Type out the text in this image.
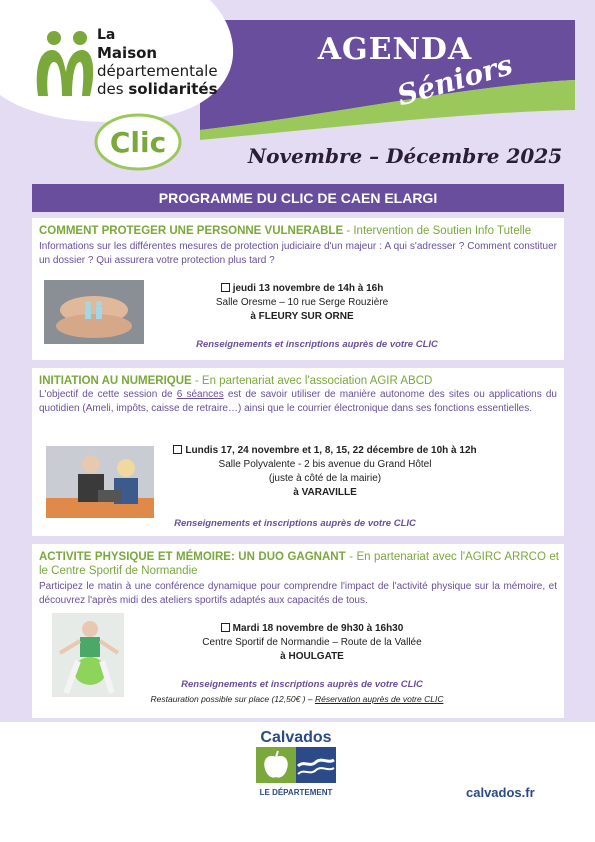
La
Maison
départementale
des solidarités
Clic
AGENDA
Séniors
Novembre – Décembre 2025
PROGRAMME DU CLIC DE CAEN ELARGI
COMMENT PROTEGER UNE PERSONNE VULNERABLE - Intervention de Soutien Info Tutelle
Informations sur les différentes mesures de protection judiciaire d'un majeur : A qui s'adresser ? Comment constituer un dossier ? Qui assurera votre protection plus tard ?
jeudi 13 novembre de 14h à 16h
Salle Oresme – 10 rue Serge Rouzière
à FLEURY SUR ORNE
Renseignements et inscriptions auprès de votre CLIC
INITIATION AU NUMERIQUE - En partenariat avec l'association AGIR ABCD
L'objectif de cette session de 6 séances est de savoir utiliser de manière autonome des sites ou applications du quotidien (Ameli, impôts, caisse de retraire…) ainsi que le courrier électronique dans ses fonctions essentielles.
Lundis 17, 24 novembre et 1, 8, 15, 22 décembre de 10h à 12h
Salle Polyvalente - 2 bis avenue du Grand Hôtel
(juste à côté de la mairie)
à VARAVILLE
Renseignements et inscriptions auprès de votre CLIC
ACTIVITE PHYSIQUE ET MÉMOIRE: UN DUO GAGNANT - En partenariat avec l'AGIRC ARRCO et le Centre Sportif de Normandie
Participez le matin à une conférence dynamique pour comprendre l'impact de l'activité physique sur la mémoire, et découvrez l'après midi des ateliers sportifs adaptés aux capacités de tous.
Mardi 18 novembre de 9h30 à 16h30
Centre Sportif de Normandie – Route de la Vallée
à HOULGATE
Renseignements et inscriptions auprès de votre CLIC
Restauration possible sur place (12,50€ ) – Réservation auprès de votre CLIC
Calvados
LE DÉPARTEMENT	calvados.fr
